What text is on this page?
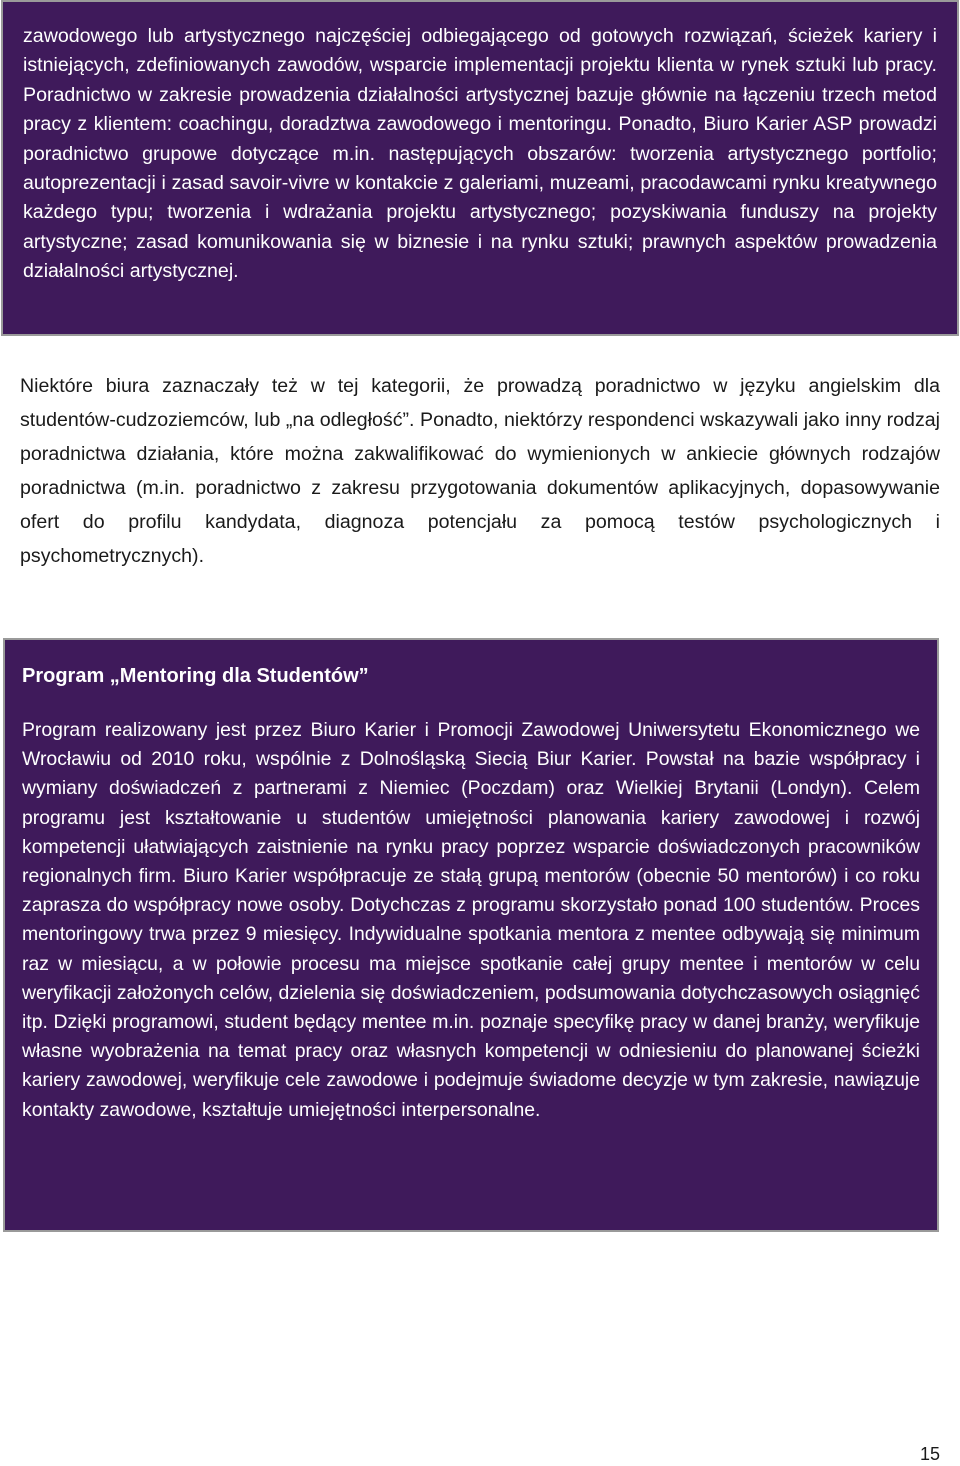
zawodowego lub artystycznego najczęściej odbiegającego od gotowych rozwiązań, ścieżek kariery i istniejących, zdefiniowanych zawodów, wsparcie implementacji projektu klienta w rynek sztuki lub pracy. Poradnictwo w zakresie prowadzenia działalności artystycznej bazuje głównie na łączeniu trzech metod pracy z klientem: coachingu, doradztwa zawodowego i mentoringu. Ponadto, Biuro Karier ASP prowadzi poradnictwo grupowe dotyczące m.in. następujących obszarów: tworzenia artystycznego portfolio; autoprezentacji i zasad savoir-vivre w kontakcie z galeriami, muzeami, pracodawcami rynku kreatywnego każdego typu; tworzenia i wdrażania projektu artystycznego; pozyskiwania funduszy na projekty artystyczne; zasad komunikowania się w biznesie i na rynku sztuki; prawnych aspektów prowadzenia działalności artystycznej.

Niektóre biura zaznaczały też w tej kategorii, że prowadzą poradnictwo w języku angielskim dla studentów-cudzoziemców, lub „na odległość”. Ponadto, niektórzy respondenci wskazywali jako inny rodzaj poradnictwa działania, które można zakwalifikować do wymienionych w ankiecie głównych rodzajów poradnictwa (m.in. poradnictwo z zakresu przygotowania dokumentów aplikacyjnych, dopasowywanie ofert do profilu kandydata, diagnoza potencjału za pomocą testów psychologicznych i psychometrycznych).

Program „Mentoring dla Studentów”

Program realizowany jest przez Biuro Karier i Promocji Zawodowej Uniwersytetu Ekonomicznego we Wrocławiu od 2010 roku, wspólnie z Dolnośląską Siecią Biur Karier. Powstał na bazie współpracy i wymiany doświadczeń z partnerami z Niemiec (Poczdam) oraz Wielkiej Brytanii (Londyn). Celem programu jest kształtowanie u studentów umiejętności planowania kariery zawodowej i rozwój kompetencji ułatwiających zaistnienie na rynku pracy poprzez wsparcie doświadczonych pracowników regionalnych firm. Biuro Karier współpracuje ze stałą grupą mentorów (obecnie 50 mentorów) i co roku zaprasza do współpracy nowe osoby. Dotychczas z programu skorzystało ponad 100 studentów. Proces mentoringowy trwa przez 9 miesięcy. Indywidualne spotkania mentora z mentee odbywają się minimum raz w miesiącu, a w połowie procesu ma miejsce spotkanie całej grupy mentee i mentorów w celu weryfikacji założonych celów, dzielenia się doświadczeniem, podsumowania dotychczasowych osiągnięć itp. Dzięki programowi, student będący mentee m.in. poznaje specyfikę pracy w danej branży, weryfikuje własne wyobrażenia na temat pracy oraz własnych kompetencji w odniesieniu do planowanej ścieżki kariery zawodowej, weryfikuje cele zawodowe i podejmuje świadome decyzje w tym zakresie, nawiązuje kontakty zawodowe, kształtuje umiejętności interpersonalne.

15
